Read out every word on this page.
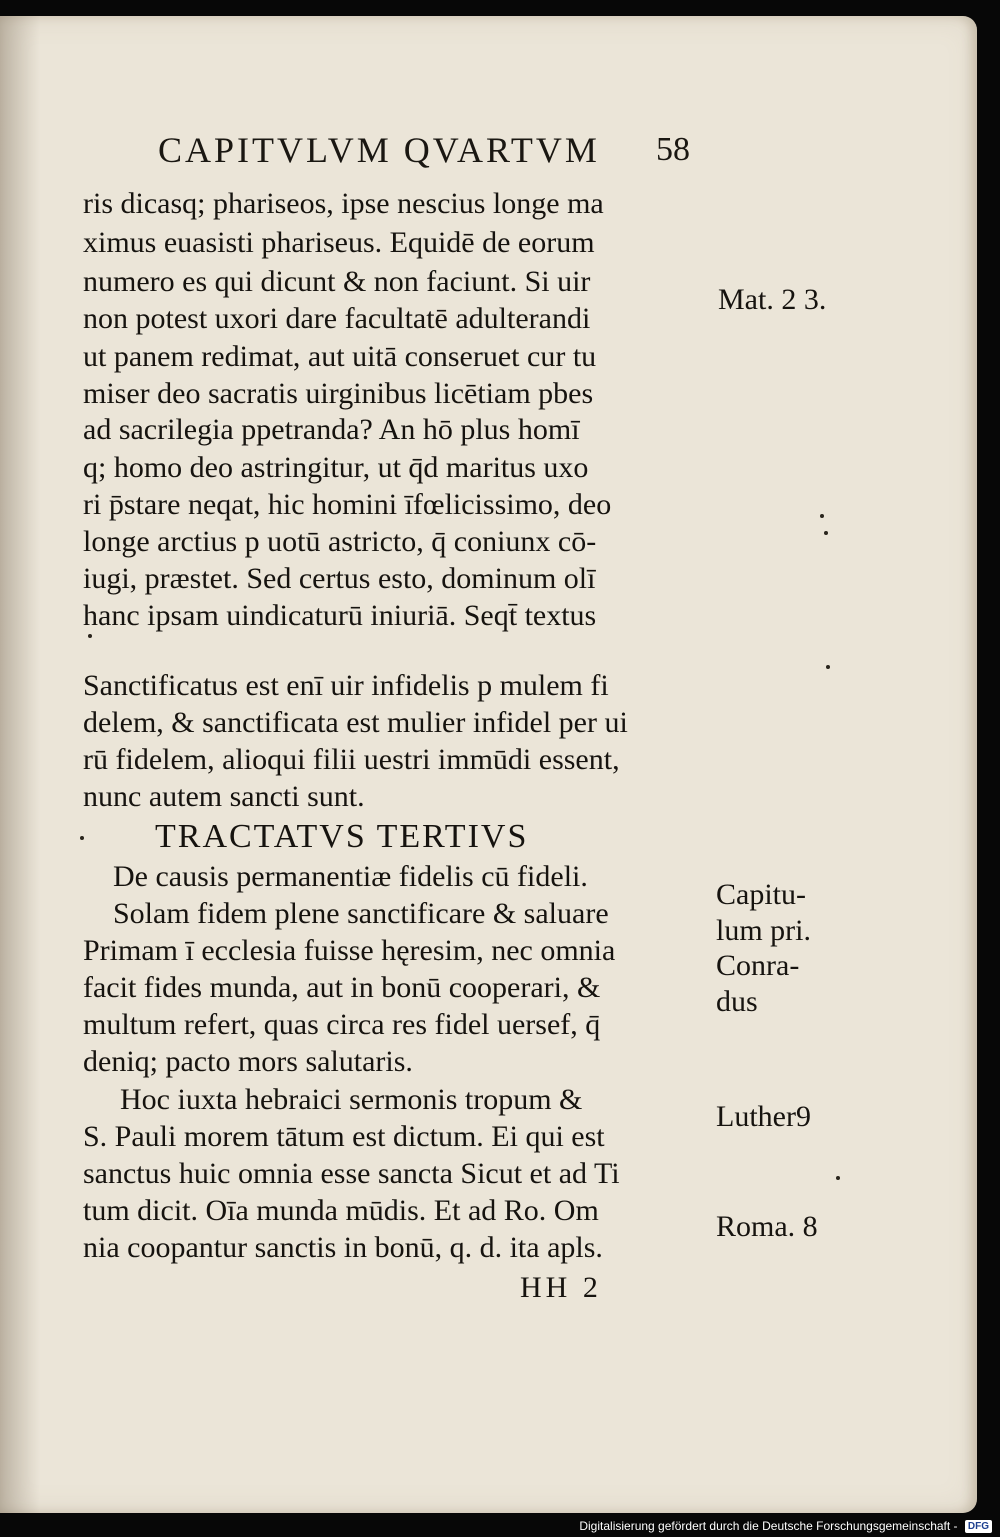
CAPITVLVM QVARTVM 58
ris dicasq; phariseos, ipse nescius longe ma
ximus euasisti phariseus. Equidē de eorum
numero es qui dicunt & non faciunt. Si uir
non potest uxori dare facultatē adulterandi
ut panem redimat, aut uitā conseruet cur tu
miser deo sacratis uirginibus licētiam pbes
ad sacrilegia ppetranda? An hō plus homī
q; homo deo astringitur, ut q̄d maritus uxo
ri p̄stare neqat, hic homini īfœlicissimo, deo
longe arctius p uotū astricto, q̄ coniunx cō-
iugi, præstet. Sed certus esto, dominum olī
hanc ipsam uindicaturū iniuriā. Seqt̄ textus
Sanctificatus est enī uir infidelis p mulem fi
delem, & sanctificata est mulier infidel per ui
rū fidelem, alioqui filii uestri immūdi essent,
nunc autem sancti sunt.
TRACTATVS TERTIVS
De causis permanentiæ fidelis cū fideli.
Solam fidem plene sanctificare & saluare
Primam ī ecclesia fuisse hęresim, nec omnia
facit fides munda, aut in bonū cooperari, &
multum refert, quas circa res fidel uersef, q̄
deniq; pacto mors salutaris.
Hoc iuxta hebraici sermonis tropum &
S. Pauli morem tātum est dictum. Ei qui est
sanctus huic omnia esse sancta Sicut et ad Ti
tum dicit. Oīa munda mūdis. Et ad Ro. Om
nia coopantur sanctis in bonū, q. d. ita apls.
HH 2
Mat. 2 3.
Capitu-
lum pri.
Conra-
dus
Luther9
Roma. 8
Digitalisierung gefördert durch die Deutsche Forschungsgemeinschaft - DFG
